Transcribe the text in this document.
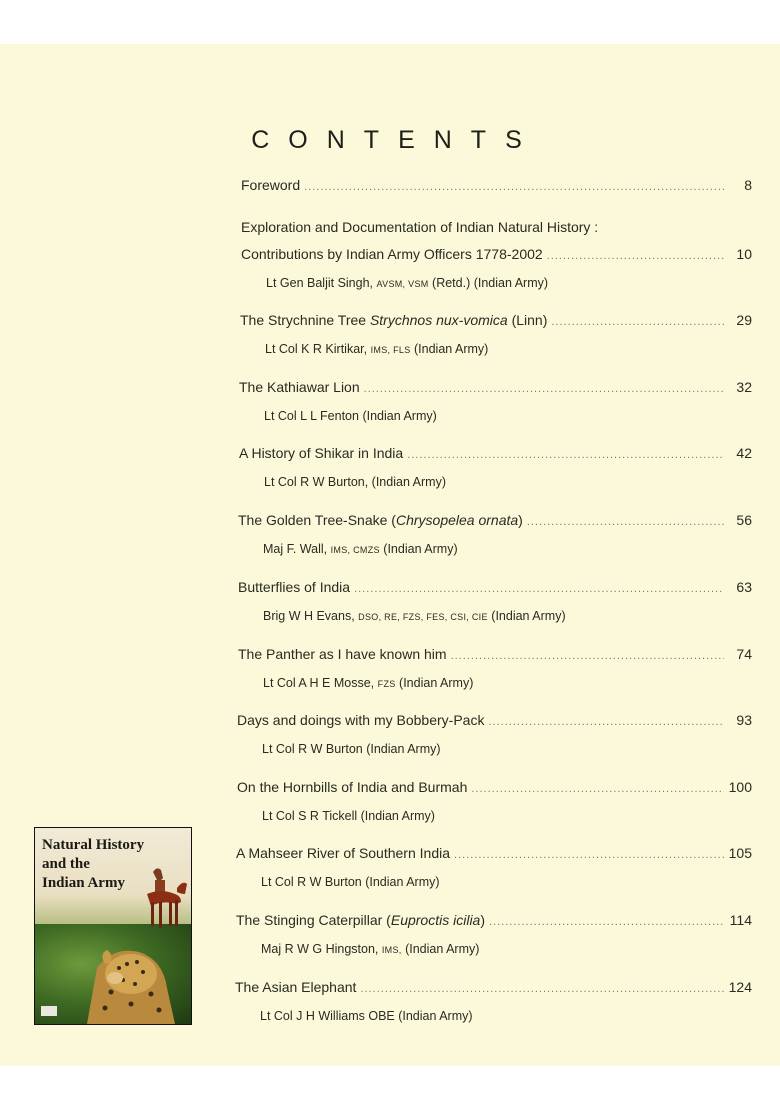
CONTENTS
Foreword .....	8
Exploration and Documentation of Indian Natural History :
Contributions by Indian Army Officers 1778-2002 .....	10
Lt Gen Baljit Singh, AVSM, VSM (Retd.) (Indian Army)
The Strychnine Tree Strychnos nux-vomica (Linn) .....	29
Lt Col K R Kirtikar, IMS, FLS (Indian Army)
The Kathiawar Lion .....	32
Lt Col L L Fenton (Indian Army)
A History of Shikar in India .....	42
Lt Col R W Burton, (Indian Army)
The Golden Tree-Snake (Chrysopelea ornata) .....	56
Maj F. Wall, IMS, CMZS (Indian Army)
Butterflies of India .....	63
Brig W H Evans, DSO, RE, FZS, FES, CSI, CIE (Indian Army)
The Panther as I have known him .....	74
Lt Col A H E Mosse, FZS (Indian Army)
Days and doings with my Bobbery-Pack .....	93
Lt Col R W Burton (Indian Army)
On the Hornbills of India and Burmah .....	100
Lt Col S R Tickell (Indian Army)
A Mahseer River of Southern India .....	105
Lt Col R W Burton (Indian Army)
The Stinging Caterpillar (Euproctis icilia) .....	114
Maj R W G Hingston, IMS, (Indian Army)
The Asian Elephant .....	124
Lt Col J H Williams OBE (Indian Army)
Natural History
and the
Indian Army
